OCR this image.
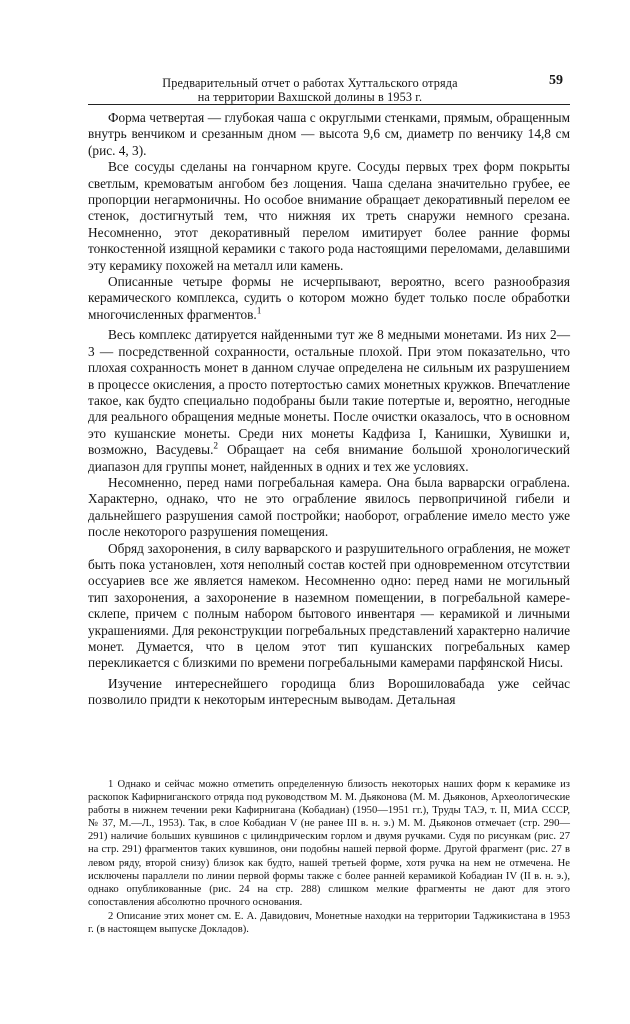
Предварительный отчет о работах Хуттальского отряда
на территории Вахшской долины в 1953 г.
59

Форма четвертая — глубокая чаша с округлыми стенками, прямым, обращенным внутрь венчиком и срезанным дном — высота 9,6 см, диаметр по венчику 14,8 см (рис. 4, 3).

Все сосуды сделаны на гончарном круге. Сосуды первых трех форм покрыты светлым, кремоватым ангобом без лощения. Чаша сделана значительно грубее, ее пропорции негармоничны. Но особое внимание обращает декоративный перелом ее стенок, достигнутый тем, что нижняя их треть снаружи немного срезана. Несомненно, этот декоративный перелом имитирует более ранние формы тонкостенной изящной керамики с такого рода настоящими переломами, делавшими эту керамику похожей на металл или камень.

Описанные четыре формы не исчерпывают, вероятно, всего разнообразия керамического комплекса, судить о котором можно будет только после обработки многочисленных фрагментов.$^1$

Весь комплекс датируется найденными тут же 8 медными монетами. Из них 2—3 — посредственной сохранности, остальные плохой. При этом показательно, что плохая сохранность монет в данном случае определена не сильным их разрушением в процессе окисления, а просто потертостью самих монетных кружков. Впечатление такое, как будто специально подобраны были такие потертые и, вероятно, негодные для реального обращения медные монеты. После очистки оказалось, что в основном это кушанские монеты. Среди них монеты Кадфиза I, Канишки, Хувишки и, возможно, Васудевы.$^2$ Обращает на себя внимание большой хронологический диапазон для группы монет, найденных в одних и тех же условиях.

Несомненно, перед нами погребальная камера. Она была варварски ограблена. Характерно, однако, что не это ограбление явилось первопричиной гибели и дальнейшего разрушения самой постройки; наоборот, ограбление имело место уже после некоторого разрушения помещения.

Обряд захоронения, в силу варварского и разрушительного ограбления, не может быть пока установлен, хотя неполный состав костей при одновременном отсутствии оссуариев все же является намеком. Несомненно одно: перед нами не могильный тип захоронения, а захоронение в наземном помещении, в погребальной камере-склепе, причем с полным набором бытового инвентаря — керамикой и личными украшениями. Для реконструкции погребальных представлений характерно наличие монет. Думается, что в целом этот тип кушанских погребальных камер перекликается с близкими по времени погребальными камерами парфянской Нисы.

Изучение интереснейшего городища близ Ворошиловабада уже сейчас позволило придти к некоторым интересным выводам. Детальная

1 Однако и сейчас можно отметить определенную близость некоторых наших форм к керамике из раскопок Кафирниганского отряда под руководством М. М. Дьяконова (М. М. Дьяконов, Археологические работы в нижнем течении реки Кафирнигана (Кобадиан) (1950—1951 гг.), Труды ТАЭ, т. II, МИА СССР, № 37, М.—Л., 1953). Так, в слое Кобадиан V (не ранее III в. н. э.) М. М. Дьяконов отмечает (стр. 290—291) наличие больших кувшинов с цилиндрическим горлом и двумя ручками. Судя по рисункам (рис. 27 на стр. 291) фрагментов таких кувшинов, они подобны нашей первой форме. Другой фрагмент (рис. 27 в левом ряду, второй снизу) близок как будто, нашей третьей форме, хотя ручка на нем не отмечена. Не исключены параллели по линии первой формы также с более ранней керамикой Кобадиан IV (II в. н. э.), однако опубликованные (рис. 24 на стр. 288) слишком мелкие фрагменты не дают для этого сопоставления абсолютно прочного основания.

2 Описание этих монет см. Е. А. Давидович, Монетные находки на территории Таджикистана в 1953 г. (в настоящем выпуске Докладов).
